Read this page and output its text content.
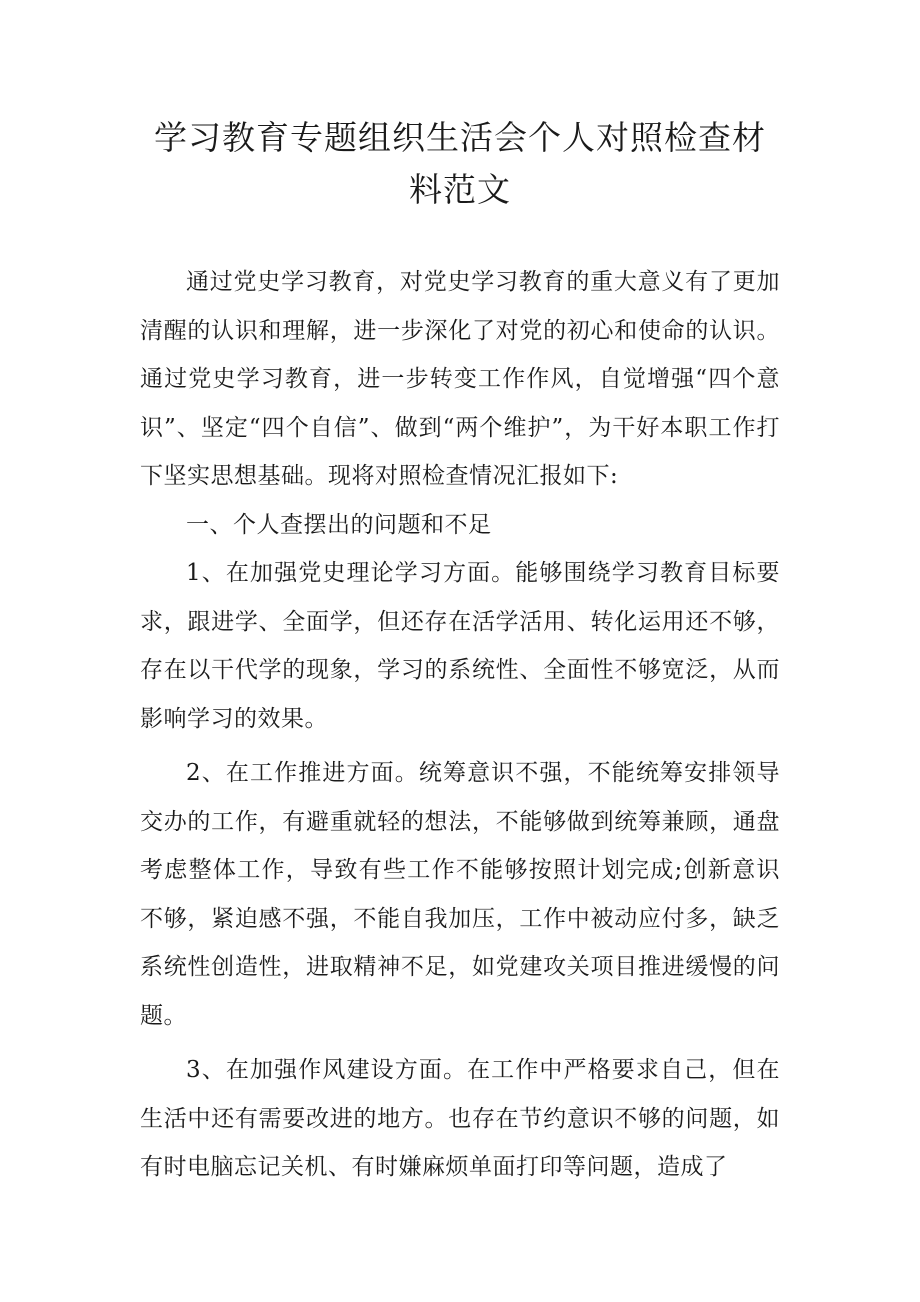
学习教育专题组织生活会个人对照检查材料范文

通过党史学习教育，对党史学习教育的重大意义有了更加清醒的认识和理解，进一步深化了对党的初心和使命的认识。通过党史学习教育，进一步转变工作作风，自觉增强“四个意识”、坚定“四个自信”、做到“两个维护”，为干好本职工作打下坚实思想基础。现将对照检查情况汇报如下:

一、个人查摆出的问题和不足

1、在加强党史理论学习方面。能够围绕学习教育目标要求，跟进学、全面学，但还存在活学活用、转化运用还不够，存在以干代学的现象，学习的系统性、全面性不够宽泛，从而影响学习的效果。

2、在工作推进方面。统筹意识不强，不能统筹安排领导交办的工作，有避重就轻的想法，不能够做到统筹兼顾，通盘考虑整体工作，导致有些工作不能够按照计划完成;创新意识不够，紧迫感不强，不能自我加压，工作中被动应付多，缺乏系统性创造性，进取精神不足，如党建攻关项目推进缓慢的问题。

3、在加强作风建设方面。在工作中严格要求自己，但在生活中还有需要改进的地方。也存在节约意识不够的问题，如有时电脑忘记关机、有时嫌麻烦单面打印等问题，造成了
